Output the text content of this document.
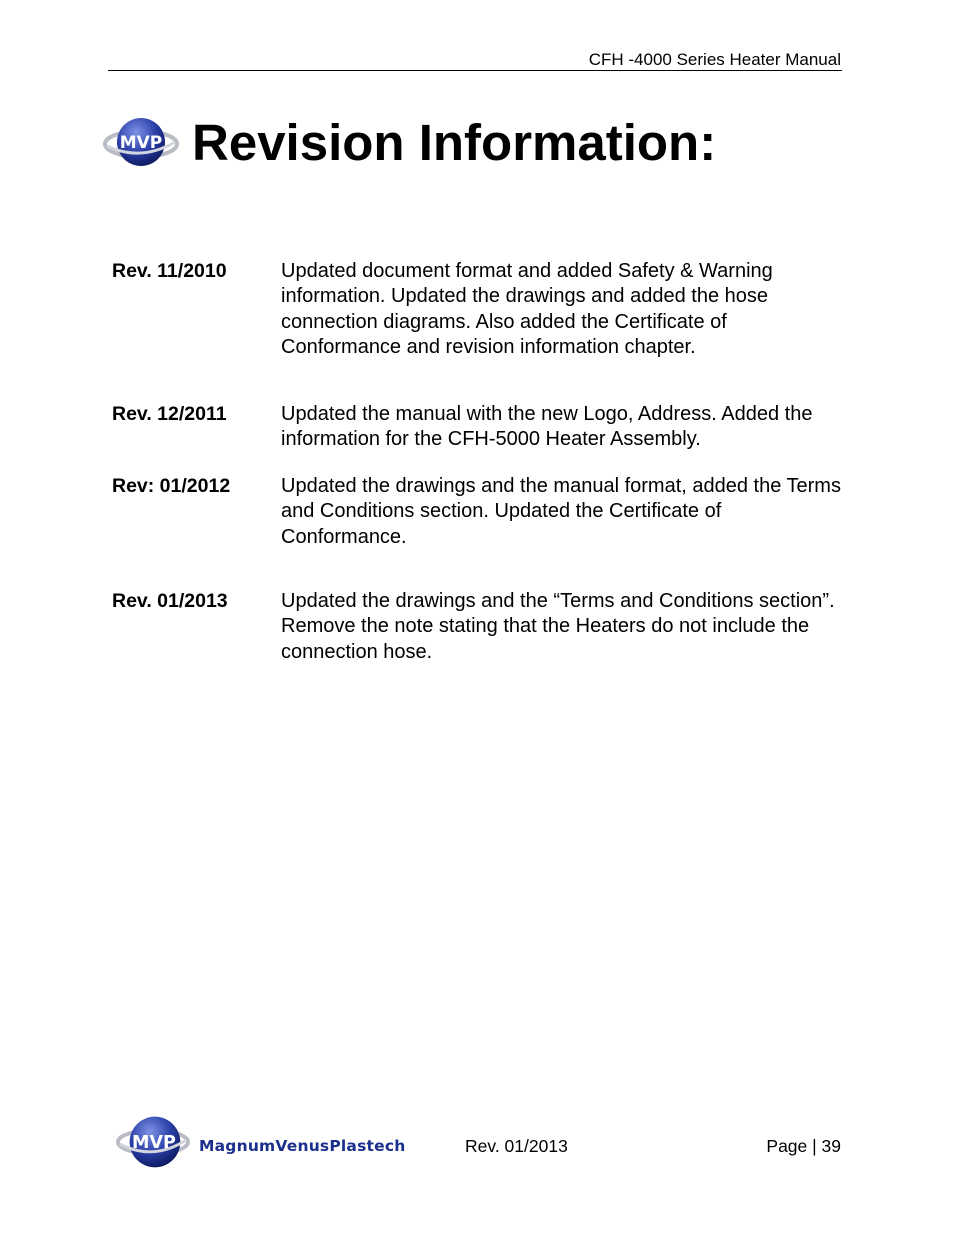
CFH -4000 Series Heater Manual
MVP Revision Information:
Rev. 11/2010	Updated document format and added Safety & Warning information. Updated the drawings and added the hose connection diagrams. Also added the Certificate of Conformance and revision information chapter.
Rev. 12/2011	Updated the manual with the new Logo, Address. Added the information for the CFH-5000 Heater Assembly.
Rev: 01/2012	Updated the drawings and the manual format, added the Terms and Conditions section. Updated the Certificate of Conformance.
Rev. 01/2013	Updated the drawings and the “Terms and Conditions section”. Remove the note stating that the Heaters do not include the connection hose.
MVP MagnumVenusPlastech	Rev. 01/2013	Page | 39
